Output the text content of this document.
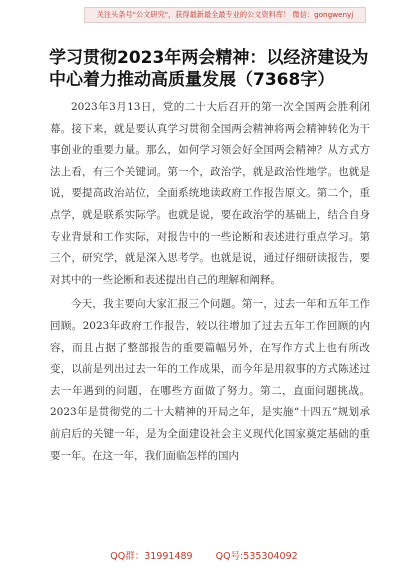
关注头条号"公文研究"，获得最新最全最专业的公文资料库！ 微信：gongwenyj
学习贯彻2023年两会精神：以经济建设为中心着力推动高质量发展（7368字）

2023年3月13日，党的二十大后召开的第一次全国两会胜利闭幕。接下来，就是要认真学习贯彻全国两会精神将两会精神转化为干事创业的重要力量。那么，如何学习领会好全国两会精神？从方式方法上看，有三个关键词。第一个，政治学，就是政治性地学。也就是说，要提高政治站位，全面系统地读政府工作报告原文。第二个，重点学，就是联系实际学。也就是说，要在政治学的基础上，结合自身专业背景和工作实际，对报告中的一些论断和表述进行重点学习。第三个，研究学，就是深入思考学。也就是说，通过仔细研读报告，要对其中的一些论断和表述提出自己的理解和阐释。

今天，我主要向大家汇报三个问题。第一，过去一年和五年工作回顾。2023年政府工作报告，较以往增加了过去五年工作回顾的内容，而且占据了整部报告的重要篇幅另外，在写作方式上也有所改变，以前是列出过去一年的工作成果，而今年是用叙事的方式陈述过去一年遇到的问题，在哪些方面做了努力。第二，直面问题挑战。2023年是贯彻党的二十大精神的开局之年，是实施“十四五”规划承前启后的关键一年，是为全面建设社会主义现代化国家奠定基础的重要一年。在这一年，我们面临怎样的国内

QQ群：31991489 QQ号:535304092
